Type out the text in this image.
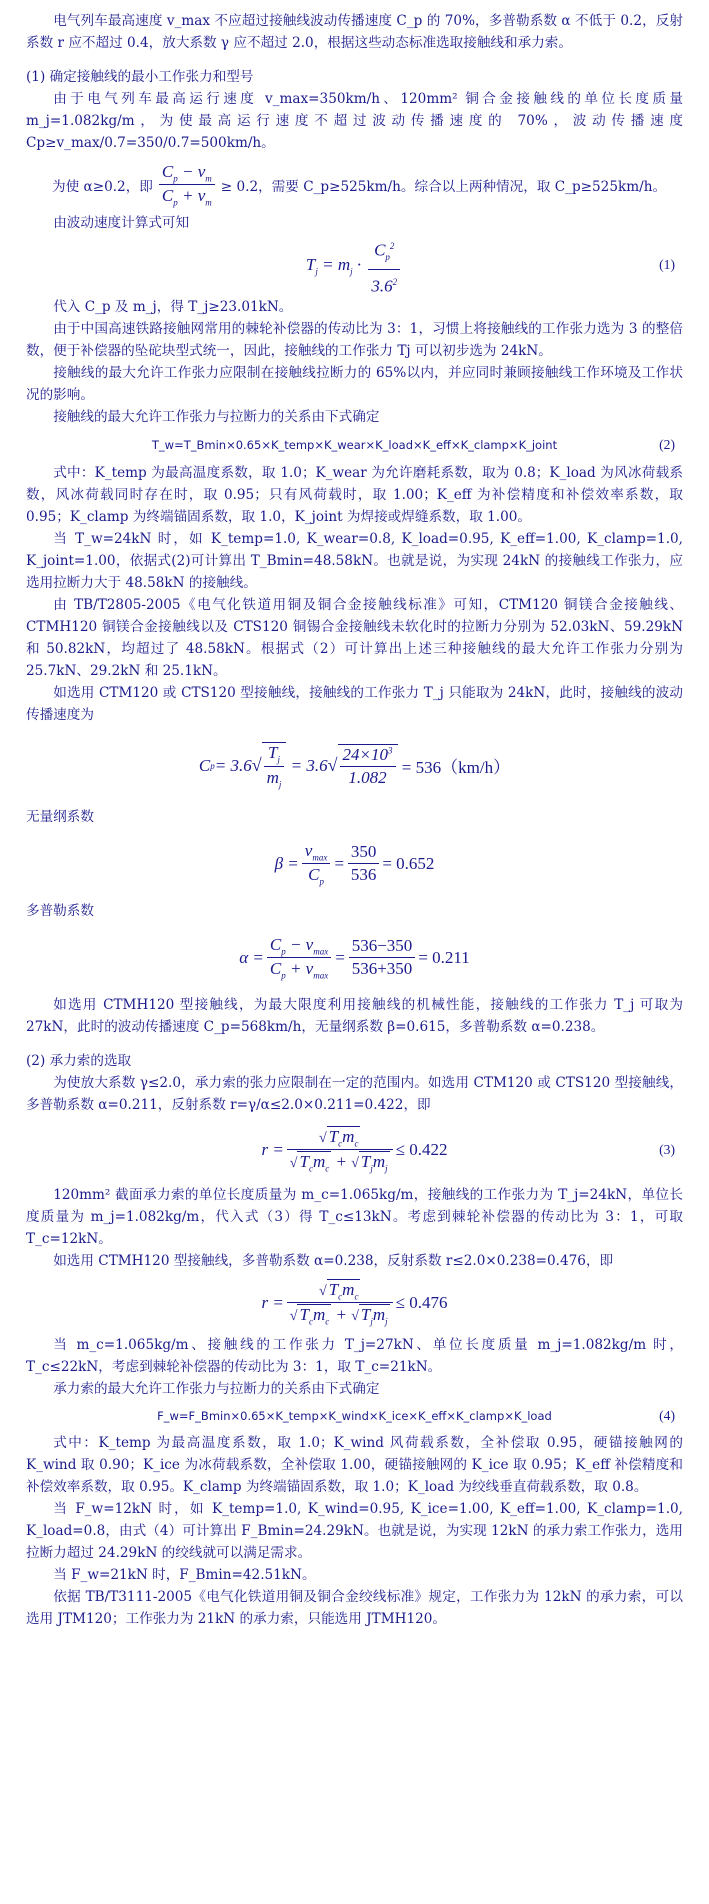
电气列车最高速度 v_max 不应超过接触线波动传播速度 C_p 的 70%，多普勒系数 α 不低于 0.2，反射系数 r 应不超过 0.4，放大系数 γ 应不超过 2.0，根据这些动态标准选取接触线和承力索。

(1) 确定接触线的最小工作张力和型号

由于电气列车最高运行速度 v_max=350km/h、120mm² 铜合金接触线的单位长度质量 m_j=1.082kg/m，为使最高运行速度不超过波动传播速度的 70%，波动传播速度 Cp≥v_max/0.7=350/0.7=500km/h。

为使 α≥0.2，即 $\frac{C_p - v_m}{C_p + v_m} \ge 0.2$，需要 C_p≥525km/h。综合以上两种情况，取 C_p≥525km/h。

由波动速度计算式可知

$T_j = m_j \cdot \frac{C_p^2}{3.6^2}$	(1)

代入 C_p 及 m_j，得 T_j≥23.01kN。

由于中国高速铁路接触网常用的棘轮补偿器的传动比为 3：1，习惯上将接触线的工作张力选为 3 的整倍数，便于补偿器的坠砣块型式统一，因此，接触线的工作张力 Tj 可以初步选为 24kN。

接触线的最大允许工作张力应限制在接触线拉断力的 65%以内，并应同时兼顾接触线工作环境及工作状况的影响。

接触线的最大允许工作张力与拉断力的关系由下式确定

T_w=T_Bmin×0.65×K_temp×K_wear×K_load×K_eff×K_clamp×K_joint	(2)

式中：K_temp 为最高温度系数，取 1.0；K_wear 为允许磨耗系数，取为 0.8；K_load 为风冰荷载系数，风冰荷载同时存在时，取 0.95；只有风荷载时，取 1.00；K_eff 为补偿精度和补偿效率系数，取 0.95；K_clamp 为终端锚固系数，取 1.0，K_joint 为焊接或焊缝系数，取 1.00。

当 T_w=24kN 时，如 K_temp=1.0, K_wear=0.8, K_load=0.95, K_eff=1.00, K_clamp=1.0, K_joint=1.00，依据式(2)可计算出 T_Bmin=48.58kN。也就是说，为实现 24kN 的接触线工作张力，应选用拉断力大于 48.58kN 的接触线。

由 TB/T2805-2005《电气化铁道用铜及铜合金接触线标准》可知，CTM120 铜镁合金接触线、CTMH120 铜镁合金接触线以及 CTS120 铜锡合金接触线未软化时的拉断力分别为 52.03kN、59.29kN 和 50.82kN，均超过了 48.58kN。根据式（2）可计算出上述三种接触线的最大允许工作张力分别为 25.7kN、29.2kN 和 25.1kN。

如选用 CTM120 或 CTS120 型接触线，接触线的工作张力 T_j 只能取为 24kN，此时，接触线的波动传播速度为

C p = 3.6 √ $\frac{T_j}{m_j} = 3.6$ √ $\frac{24\times 10^3}{1.082}$
= 536（km/h）

无量纲系数

$\beta = \frac{v_{max}}{C_p} = \frac{350}{536} = 0.652$

多普勒系数

$\alpha = \frac{C_p - v_{max}}{C_p + v_{max}} = \frac{536-350}{536+350} = 0.211$

如选用 CTMH120 型接触线，为最大限度利用接触线的机械性能，接触线的工作张力 T_j 可取为 27kN，此时的波动传播速度 C_p=568km/h，无量纲系数 β=0.615，多普勒系数 α=0.238。

(2) 承力索的选取

为使放大系数 γ≤2.0，承力索的张力应限制在一定的范围内。如选用 CTM120 或 CTS120 型接触线，多普勒系数 α=0.211，反射系数 r=γ/α≤2.0×0.211=0.422，即

$r = \frac{√ T_cm_c}{√ T_cm_c + √ T_jm_j} \le 0.422$	(3)

120mm² 截面承力索的单位长度质量为 m_c=1.065kg/m，接触线的工作张力为 T_j=24kN，单位长度质量为 m_j=1.082kg/m，代入式（3）得 T_c≤13kN。考虑到棘轮补偿器的传动比为 3：1，可取 T_c=12kN。

如选用 CTMH120 型接触线，多普勒系数 α=0.238，反射系数 r≤2.0×0.238=0.476，即

$r = \frac{√ T_cm_c}{√ T_cm_c + √ T_jm_j} \le 0.476$

当 m_c=1.065kg/m、接触线的工作张力 T_j=27kN、单位长度质量 m_j=1.082kg/m 时，T_c≤22kN，考虑到棘轮补偿器的传动比为 3：1，取 T_c=21kN。

承力索的最大允许工作张力与拉断力的关系由下式确定

F_w=F_Bmin×0.65×K_temp×K_wind×K_ice×K_eff×K_clamp×K_load	(4)

式中：K_temp 为最高温度系数，取 1.0；K_wind 风荷载系数，全补偿取 0.95，硬锚接触网的 K_wind 取 0.90；K_ice 为冰荷载系数，全补偿取 1.00，硬锚接触网的 K_ice 取 0.95；K_eff 补偿精度和补偿效率系数，取 0.95。K_clamp 为终端锚固系数，取 1.0；K_load 为绞线垂直荷载系数，取 0.8。

当 F_w=12kN 时，如 K_temp=1.0, K_wind=0.95, K_ice=1.00, K_eff=1.00, K_clamp=1.0, K_load=0.8，由式（4）可计算出 F_Bmin=24.29kN。也就是说，为实现 12kN 的承力索工作张力，选用拉断力超过 24.29kN 的绞线就可以满足需求。

当 F_w=21kN 时，F_Bmin=42.51kN。

依据 TB/T3111-2005《电气化铁道用铜及铜合金绞线标准》规定，工作张力为 12kN 的承力索，可以选用 JTM120；工作张力为 21kN 的承力索，只能选用 JTMH120。
